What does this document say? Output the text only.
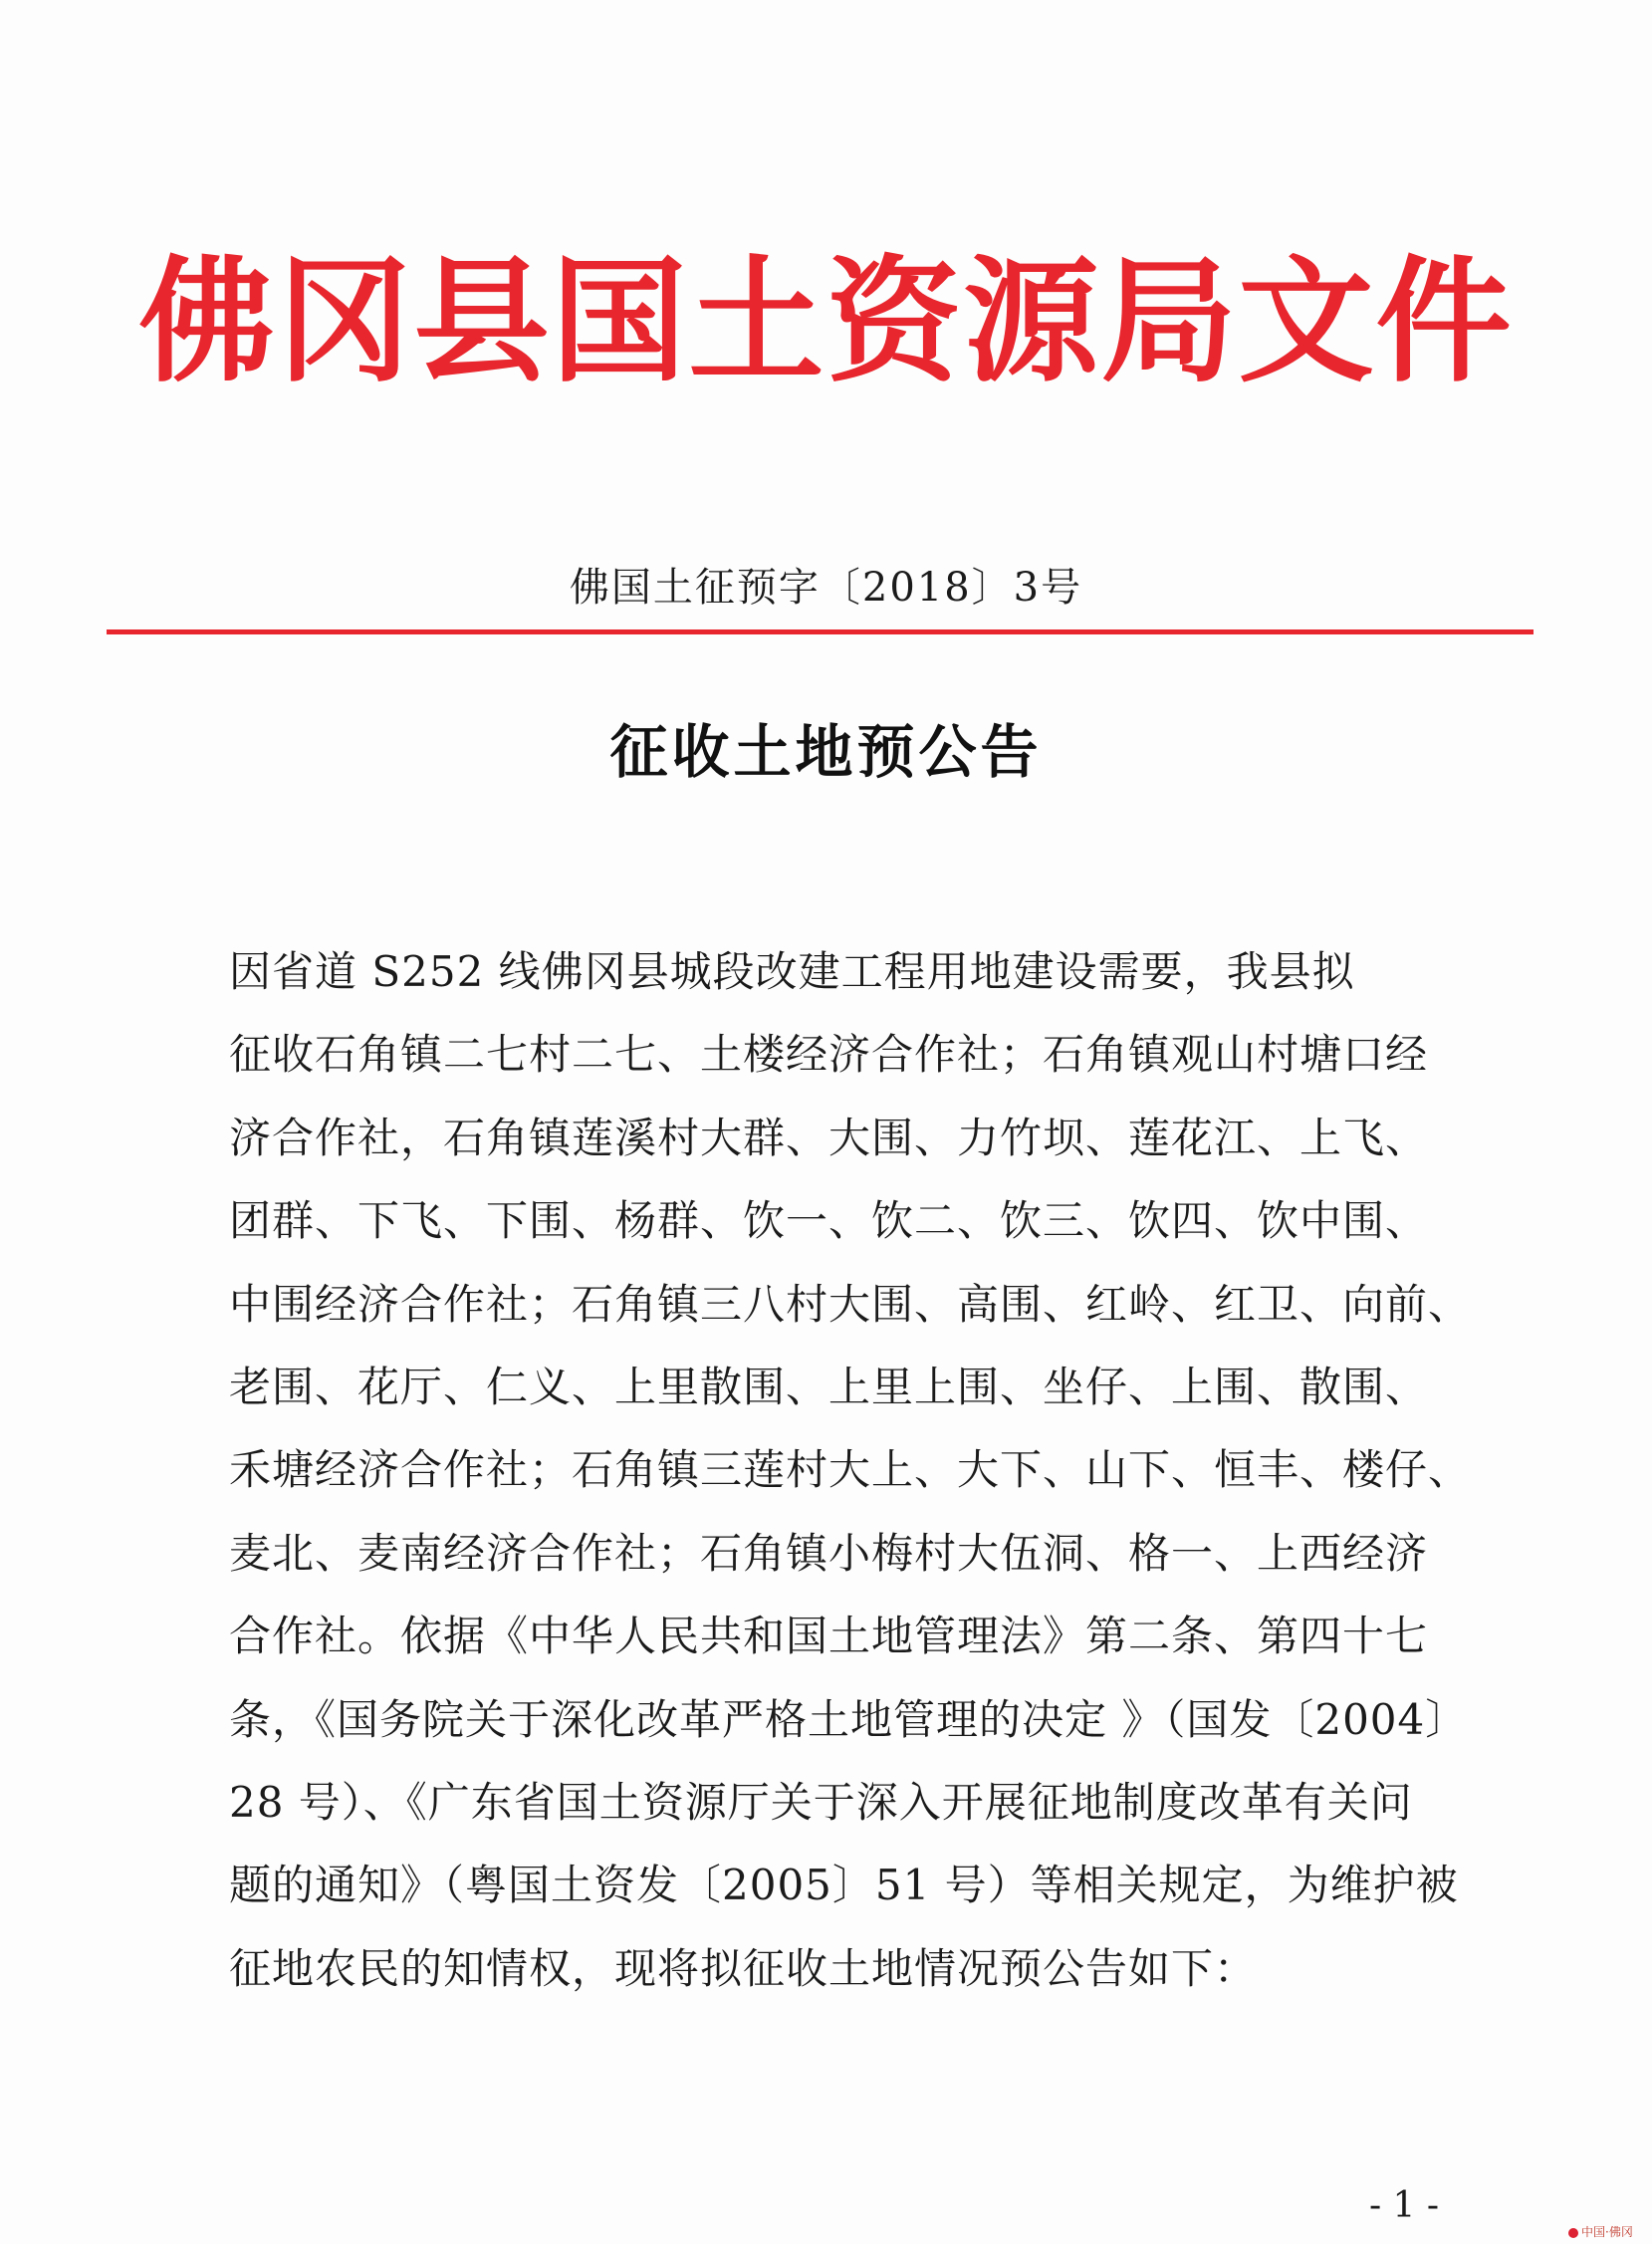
佛冈县国土资源局文件
佛国土征预字〔2018〕3号
征收土地预公告
因省道 S252 线佛冈县城段改建工程用地建设需要，我县拟
征收石角镇二七村二七、土楼经济合作社；石角镇观山村塘口经
济合作社，石角镇莲溪村大群、大围、力竹坝、莲花江、上飞、
团群、下飞、下围、杨群、饮一、饮二、饮三、饮四、饮中围、
中围经济合作社；石角镇三八村大围、高围、红岭、红卫、向前、
老围、花厅、仁义、上里散围、上里上围、坐仔、上围、散围、
禾塘经济合作社；石角镇三莲村大上、大下、山下、恒丰、楼仔、
麦北、麦南经济合作社；石角镇小梅村大伍洞、格一、上西经济
合作社。依据《中华人民共和国土地管理法》第二条、第四十七
条，《国务院关于深化改革严格土地管理的决定 》（国发〔2004〕
28 号）、《广东省国土资源厅关于深入开展征地制度改革有关问
题的通知》（粤国土资发〔2005〕51 号）等相关规定，为维护被
征地农民的知情权，现将拟征收土地情况预公告如下：
- 1 -
中国·佛冈
